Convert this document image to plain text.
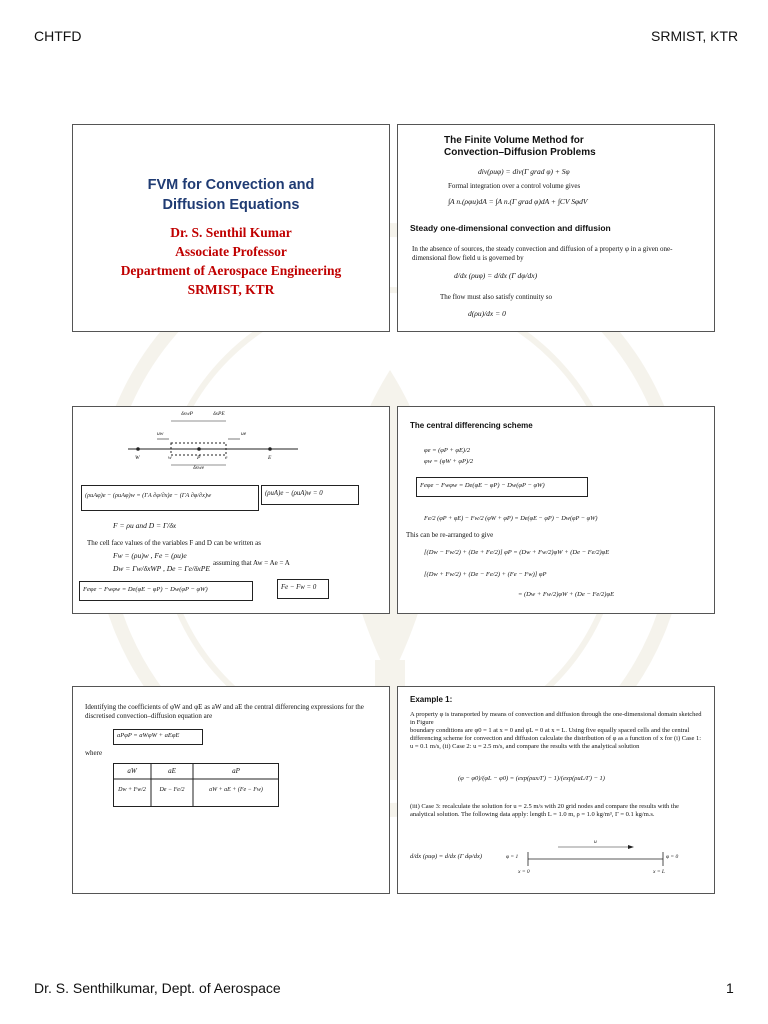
CHTFD	SRMIST, KTR
FVM for Convection and
Diffusion Equations
Dr. S. Senthil Kumar
Associate Professor
Department of Aerospace Engineering
SRMIST, KTR
The Finite Volume Method for
Convection–Diffusion Problems
div(ρuφ) = div(Γ grad φ) + Sφ
Formal integration over a control volume gives
∫A n.(ρφu)dA = ∫A n.(Γ grad φ)dA + ∫CV SφdV
Steady one-dimensional convection and diffusion
In the absence of sources, the steady convection and diffusion of a property φ in a given one-dimensional flow field u is governed by
d/dx (ρuφ) = d/dx (Γ dφ/dx)
The flow must also satisfy continuity so
d(ρu)/dx = 0
δxwP	δxPE
δxwe
uw	ue
W	w	P	e	E
(ρuAφ)e − (ρuAφ)w = (ΓA ∂φ/∂x)e − (ΓA ∂φ/∂x)w	(ρuA)e − (ρuA)w = 0
F = ρu and D = Γ/δx
The cell face values of the variables F and D can be written as
Fw = (ρu)w , Fe = (ρu)e
Dw = Γw/δxWP , De = Γe/δxPE
assuming that Aw = Ae = A
Feφe − Fwφw = De(φE − φP) − Dw(φP − φW)	Fe − Fw = 0
The central differencing scheme
φe = (φP + φE)/2
φw = (φW + φP)/2
Feφe − Fwφw = De(φE − φP) − Dw(φP − φW)
Fe/2 (φP + φE) − Fw/2 (φW + φP) = De(φE − φP) − Dw(φP − φW)
This can be re-arranged to give
[(Dw − Fw/2) + (De + Fe/2)] φP = (Dw + Fw/2)φW + (De − Fe/2)φE
[(Dw + Fw/2) + (De − Fe/2) + (Fe − Fw)] φP
= (Dw + Fw/2)φW + (De − Fe/2)φE
Identifying the coefficients of φW and φE as aW and aE the central differencing expressions for the discretised convection–diffusion equation are
aPφP = aWφW + aEφE
where
aW	aE	aP
Dw + Fw/2	De − Fe/2	aW + aE + (Fe − Fw)
Example 1:
A property φ is transported by means of convection and diffusion through the one-dimensional domain sketched in Figure
boundary conditions are φ0 = 1 at x = 0 and φL = 0 at x = L. Using five equally spaced cells and the central differencing scheme for convection and diffusion calculate the distribution of φ as a function of x for (i) Case 1: u = 0.1 m/s, (ii) Case 2: u = 2.5 m/s, and compare the results with the analytical solution
(φ − φ0)/(φL − φ0) = (exp(ρux/Γ) − 1)/(exp(ρuL/Γ) − 1)
(iii) Case 3: recalculate the solution for u = 2.5 m/s with 20 grid nodes and compare the results with the analytical solution. The following data apply: length L = 1.0 m, ρ = 1.0 kg/m³, Γ = 0.1 kg/m.s.
d/dx (ρuφ) = d/dx (Γ dφ/dx)
u
φ = 1	φ = 0
x = 0	x = L
Dr. S. Senthilkumar, Dept. of Aerospace	1
